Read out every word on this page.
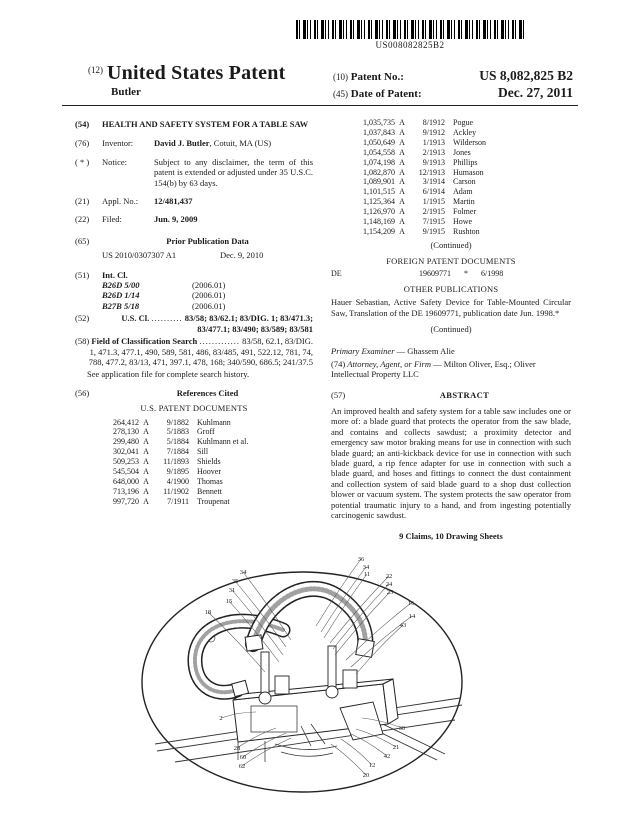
US008082825B2
$^{(12)}$ United States Patent
Butler
(10) Patent No.:	US 8,082,825 B2
(45) Date of Patent:	Dec. 27, 2011
(54)	HEALTH AND SAFETY SYSTEM FOR A TABLE SAW
(76)	Inventor:	David J. Butler, Cotuit, MA (US)
( * )	Notice:	Subject to any disclaimer, the term of this patent is extended or adjusted under 35 U.S.C. 154(b) by 63 days.
(21)	Appl. No.:	12/481,437
(22)	Filed:	Jun. 9, 2009
(65)	Prior Publication Data
US 2010/0307307 A1	Dec. 9, 2010
(51)	Int. Cl.
B26D 5/00	(2006.01)
B26D 1/14	(2006.01)
B27B 5/18	(2006.01)
(52)	U.S. Cl. .......... 83/58; 83/62.1; 83/DIG. 1; 83/471.3; 83/477.1; 83/490; 83/589; 83/581
(58) Field of Classification Search ............. 83/58, 62.1, 83/DIG. 1, 471.3, 477.1, 490, 589, 581, 486, 83/485, 491, 522.12, 781, 74, 788, 477.2, 83/13, 471, 397.1, 478, 168; 340/590, 686.5; 241/37.5
See application file for complete search history.
(56)	References Cited
U.S. PATENT DOCUMENTS
264,412 A	9/1882	Kuhlmann
278,130 A	5/1883	Groff
299,480 A	5/1884	Kuhlmann et al.
302,041 A	7/1884	Sill
509,253 A	11/1893	Shields
545,504 A	9/1895	Hoover
648,000 A	4/1900	Thomas
713,196 A	11/1902	Bennett
997,720 A	7/1911	Troupenat
1,035,735 A	8/1912	Pogue
1,037,843 A	9/1912	Ackley
1,050,649 A	1/1913	Wilderson
1,054,558 A	2/1913	Jones
1,074,198 A	9/1913	Phillips
1,082,870 A	12/1913	Humason
1,089,901 A	3/1914	Carson
1,101,515 A	6/1914	Adam
1,125,364 A	1/1915	Martin
1,126,970 A	2/1915	Folmer
1,148,169 A	7/1915	Howe
1,154,209 A	9/1915	Rushton
(Continued)
FOREIGN PATENT DOCUMENTS
DE	19609771	*	6/1998
OTHER PUBLICATIONS
Hauer Sebastian, Active Safety Device for Table-Mounted Circular Saw, Translation of the DE 19609771, publication date Jun. 1998.*
(Continued)
Primary Examiner — Ghassem Alie
(74) Attorney, Agent, or Firm — Milton Oliver, Esq.; Oliver Intellectual Property LLC
(57)	ABSTRACT
An improved health and safety system for a table saw includes one or more of: a blade guard that protects the operator from the saw blade, and contains and collects sawdust; a proximity detector and emergency saw motor braking means for use in connection with such blade guard; an anti-kickback device for use in connection with such blade guard, a rip fence adapter for use in connection with such a blade guard, and hoses and fittings to connect the dust containment and collection system of said blade guard to a shop dust collection blower or vacuum system. The system protects the saw operator from potential traumatic injury to a hand, and from ingesting potentially carcinogenic sawdust.
9 Claims, 10 Drawing Sheets
34
35
31
15
18
36
34
11 22
24
25
16
14
43
30
21
42
12
20
2
28
60
62
